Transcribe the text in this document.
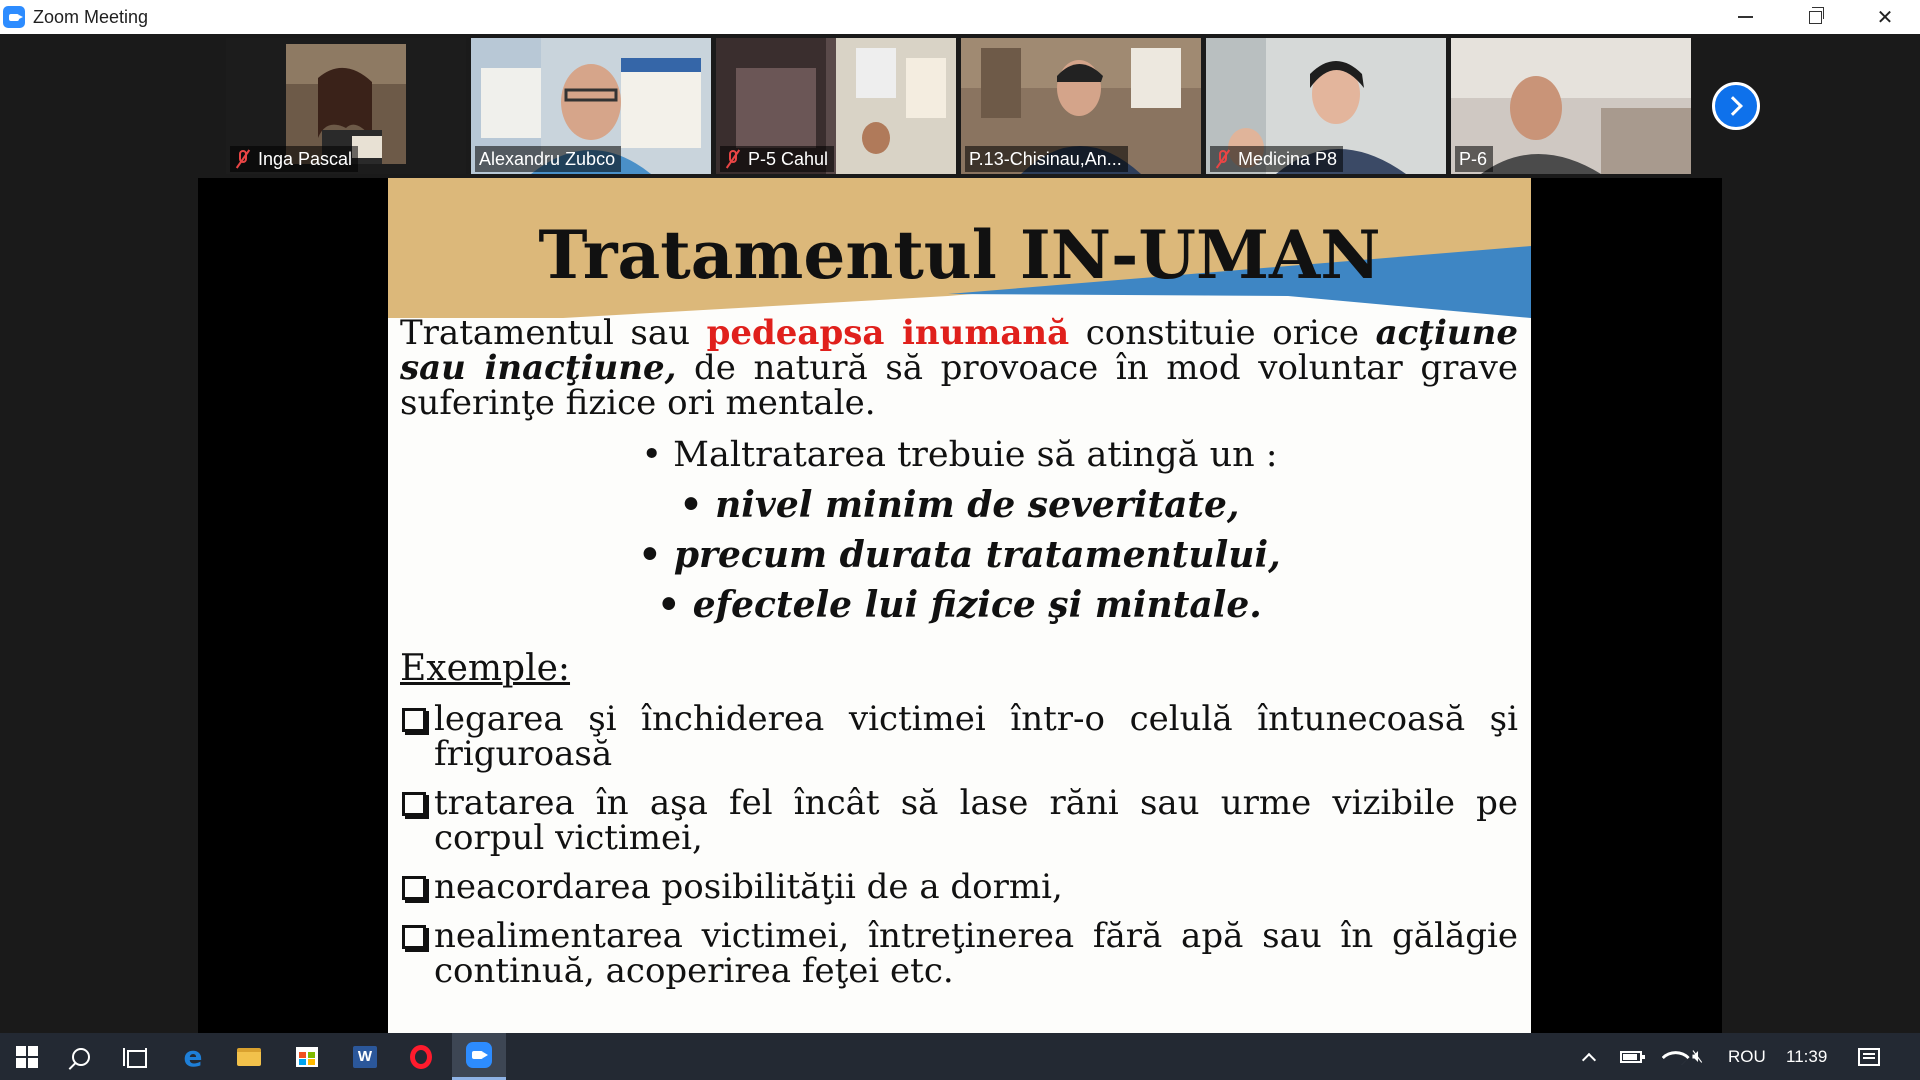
Zoom Meeting	✕
Inga Pascal	Alexandru Zubco	P-5 Cahul	P.13-Chisinau,An...	Medicina P8	P-6
Tratamentul IN-UMAN
Tratamentul sau pedeapsa inumană constituie orice acţiune sau inacţiune, de natură să provoace în mod voluntar grave suferinţe fizice ori mentale.
• Maltratarea trebuie să atingă un :
• nivel minim de severitate,
• precum durata tratamentului,
• efectele lui fizice şi mintale.
Exemple:
legarea şi închiderea victimei într-o celulă întunecoasă şi friguroasă
tratarea în aşa fel încât să lase răni sau urme vizibile pe corpul victimei,
neacordarea posibilităţii de a dormi,
nealimentarea victimei, întreţinerea fără apă sau în gălăgie continuă, acoperirea feţei etc.
e	W	🔇︎ ROU 11:39
